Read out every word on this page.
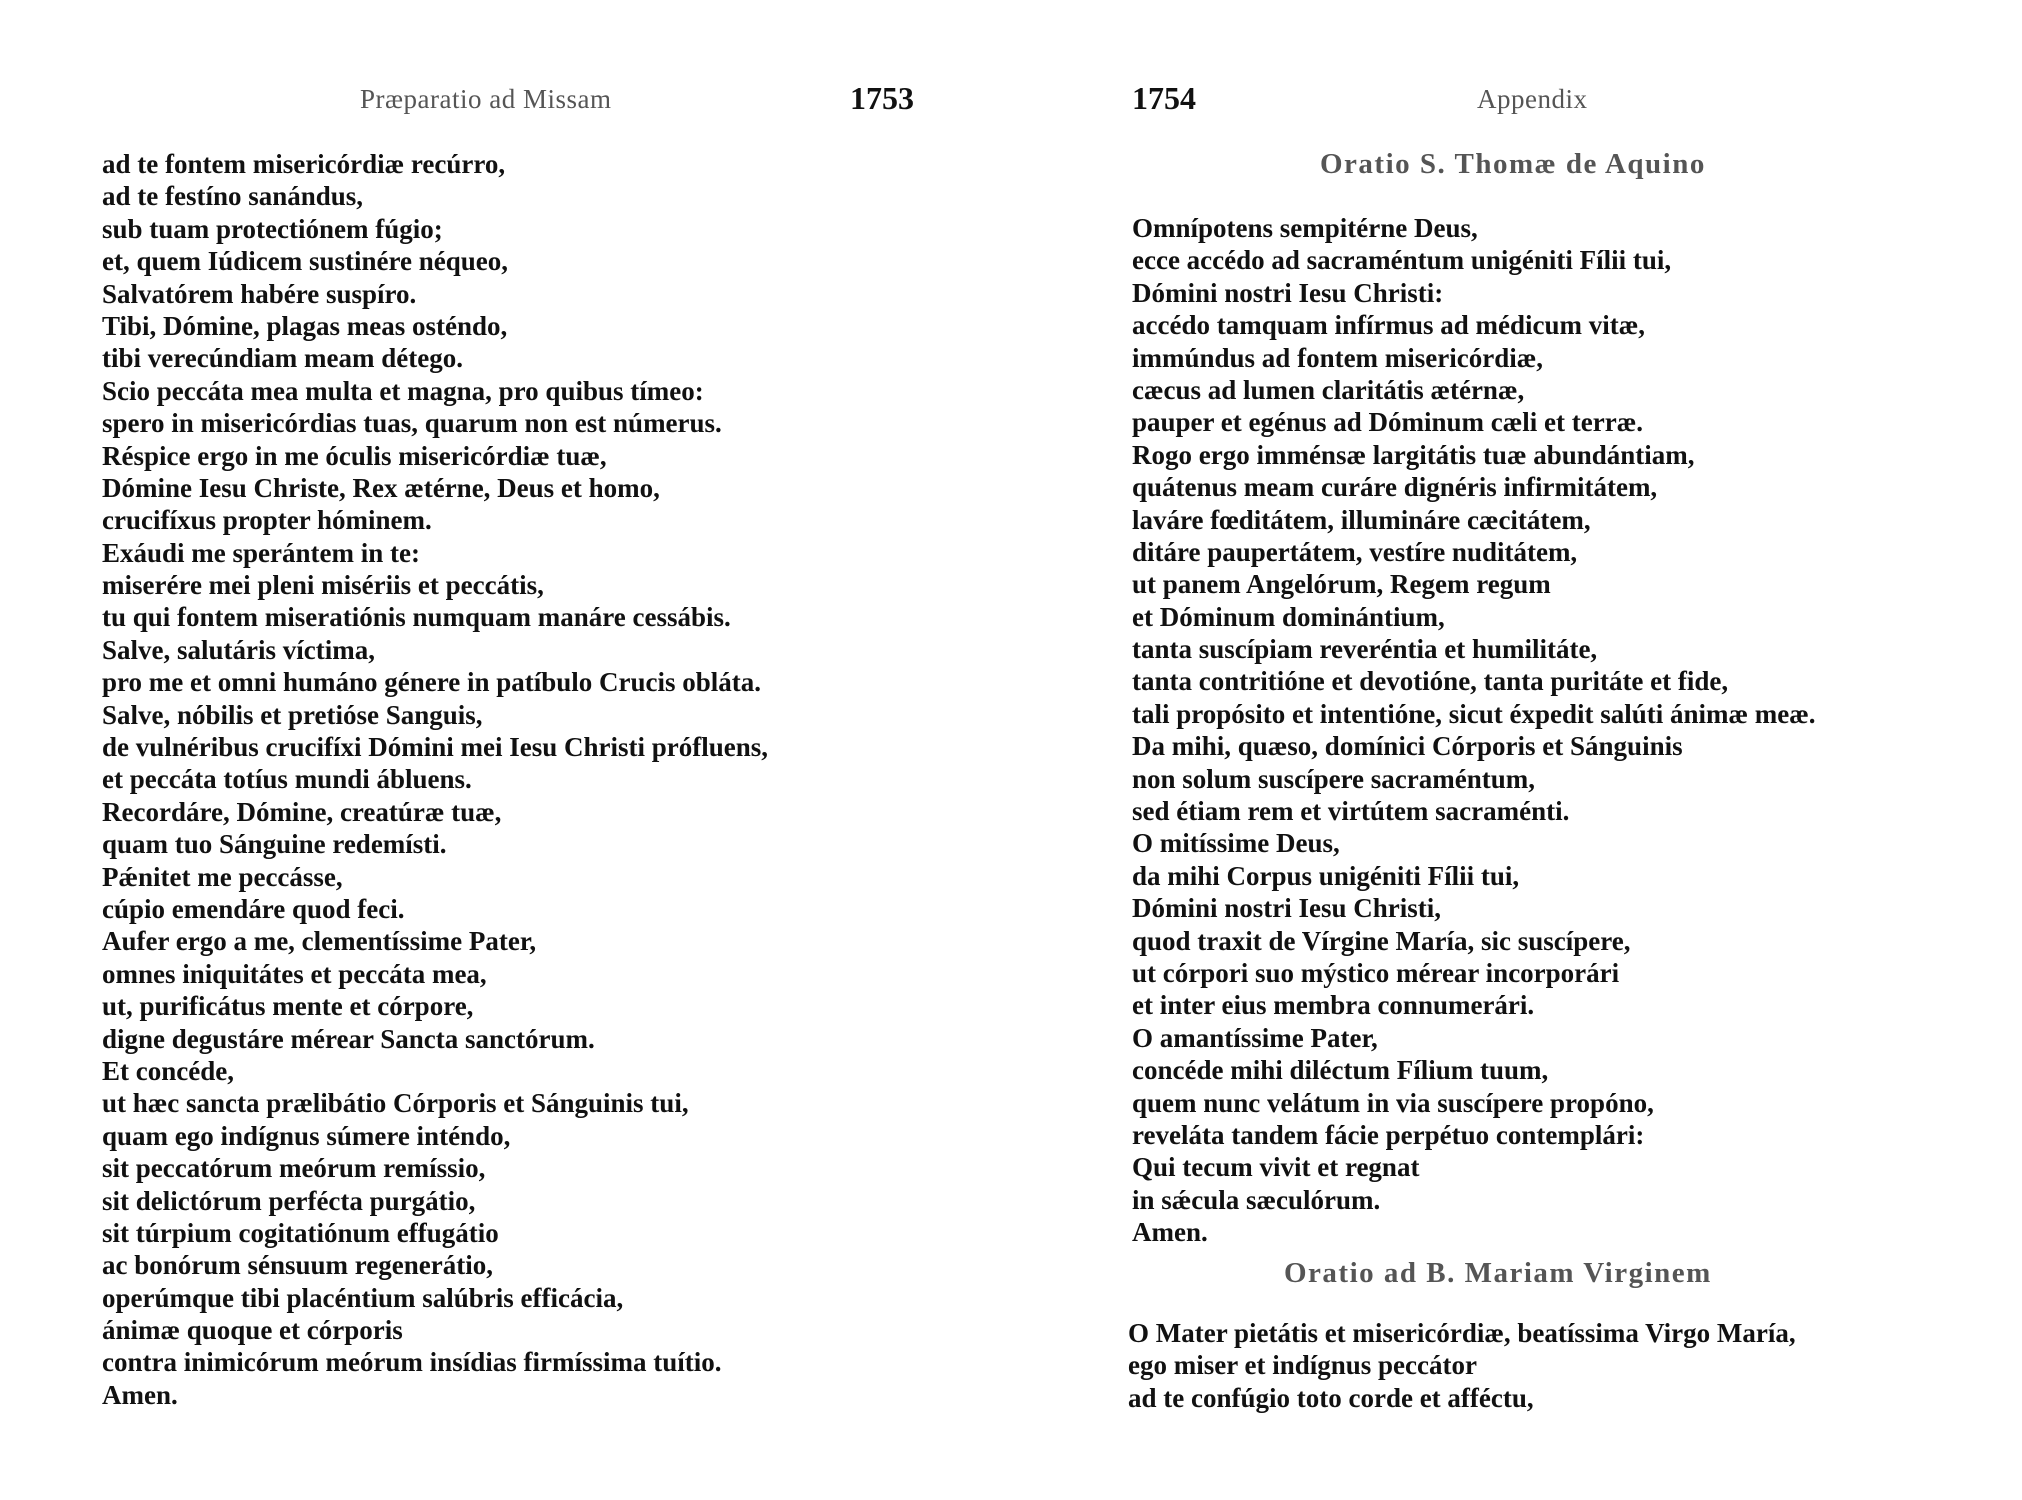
Præparatio ad Missam	1753
ad te fontem misericórdiæ recúrro,
ad te festíno sanándus,
sub tuam protectiónem fúgio;
et, quem Iúdicem sustinére néqueo,
Salvatórem habére suspíro.
Tibi, Dómine, plagas meas osténdo,
tibi verecúndiam meam détego.
Scio peccáta mea multa et magna, pro quibus tímeo:
spero in misericórdias tuas, quarum non est númerus.
Réspice ergo in me óculis misericórdiæ tuæ,
Dómine Iesu Christe, Rex ætérne, Deus et homo,
crucifíxus propter hóminem.
Exáudi me sperántem in te:
miserére mei pleni misériis et peccátis,
tu qui fontem miseratiónis numquam manáre cessábis.
Salve, salutáris víctima,
pro me et omni humáno génere in patíbulo Crucis obláta.
Salve, nóbilis et pretióse Sanguis,
de vulnéribus crucifíxi Dómini mei Iesu Christi prófluens,
et peccáta totíus mundi ábluens.
Recordáre, Dómine, creatúræ tuæ,
quam tuo Sánguine redemísti.
Pǽnitet me peccásse,
cúpio emendáre quod feci.
Aufer ergo a me, clementíssime Pater,
omnes iniquitátes et peccáta mea,
ut, purificátus mente et córpore,
digne degustáre mérear Sancta sanctórum.
Et concéde,
ut hæc sancta prælibátio Córporis et Sánguinis tui,
quam ego indígnus súmere inténdo,
sit peccatórum meórum remíssio,
sit delictórum perfécta purgátio,
sit túrpium cogitatiónum effugátio
ac bonórum sénsuum regenerátio,
operúmque tibi placéntium salúbris efficácia,
ánimæ quoque et córporis
contra inimicórum meórum insídias firmíssima tuítio.
Amen.
1754	Appendix
Oratio S. Thomæ de Aquino
Omnípotens sempitérne Deus,
ecce accédo ad sacraméntum unigéniti Fílii tui,
Dómini nostri Iesu Christi:
accédo tamquam infírmus ad médicum vitæ,
immúndus ad fontem misericórdiæ,
cæcus ad lumen claritátis ætérnæ,
pauper et egénus ad Dóminum cæli et terræ.
Rogo ergo imménsæ largitátis tuæ abundántiam,
quátenus meam curáre dignéris infirmitátem,
laváre fœditátem, illumináre cæcitátem,
ditáre paupertátem, vestíre nuditátem,
ut panem Angelórum, Regem regum
et Dóminum dominántium,
tanta suscípiam reveréntia et humilitáte,
tanta contritióne et devotióne, tanta puritáte et fide,
tali propósito et intentióne, sicut éxpedit salúti ánimæ meæ.
Da mihi, quæso, domínici Córporis et Sánguinis
non solum suscípere sacraméntum,
sed étiam rem et virtútem sacraménti.
O mitíssime Deus,
da mihi Corpus unigéniti Fílii tui,
Dómini nostri Iesu Christi,
quod traxit de Vírgine María, sic suscípere,
ut córpori suo mýstico mérear incorporári
et inter eius membra connumerári.
O amantíssime Pater,
concéde mihi diléctum Fílium tuum,
quem nunc velátum in via suscípere propóno,
reveláta tandem fácie perpétuo contemplári:
Qui tecum vivit et regnat
in sǽcula sæculórum.
Amen.
Oratio ad B. Mariam Virginem
O Mater pietátis et misericórdiæ, beatíssima Virgo María,
ego miser et indígnus peccátor
ad te confúgio toto corde et afféctu,
